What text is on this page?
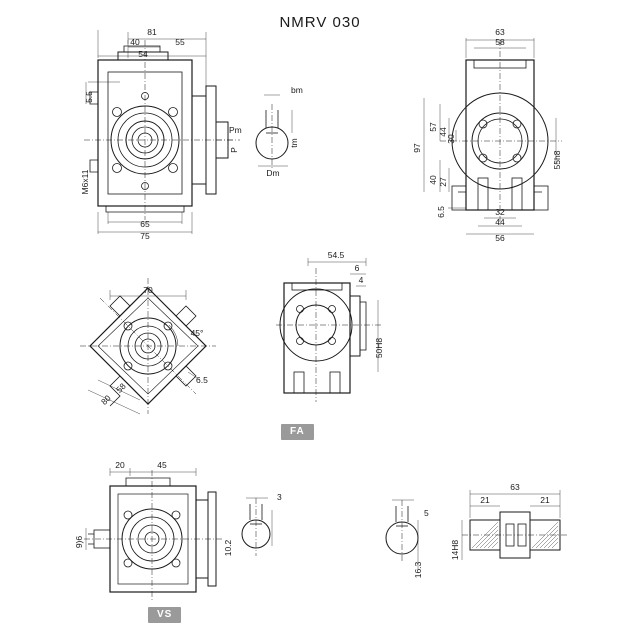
NMRV 030
40	55
81
54
5.5
M6x11
65
75
Pm
P
bm
tm
Dm
63
58
97
57
44
30
40 27
6.5	32
44
56
55h8
70
45°
6.5
80
58
54.5
6
4
50H8
20	45
9)6	10.2
3
5
16.3
63
21	21
14H8
FA
VS
